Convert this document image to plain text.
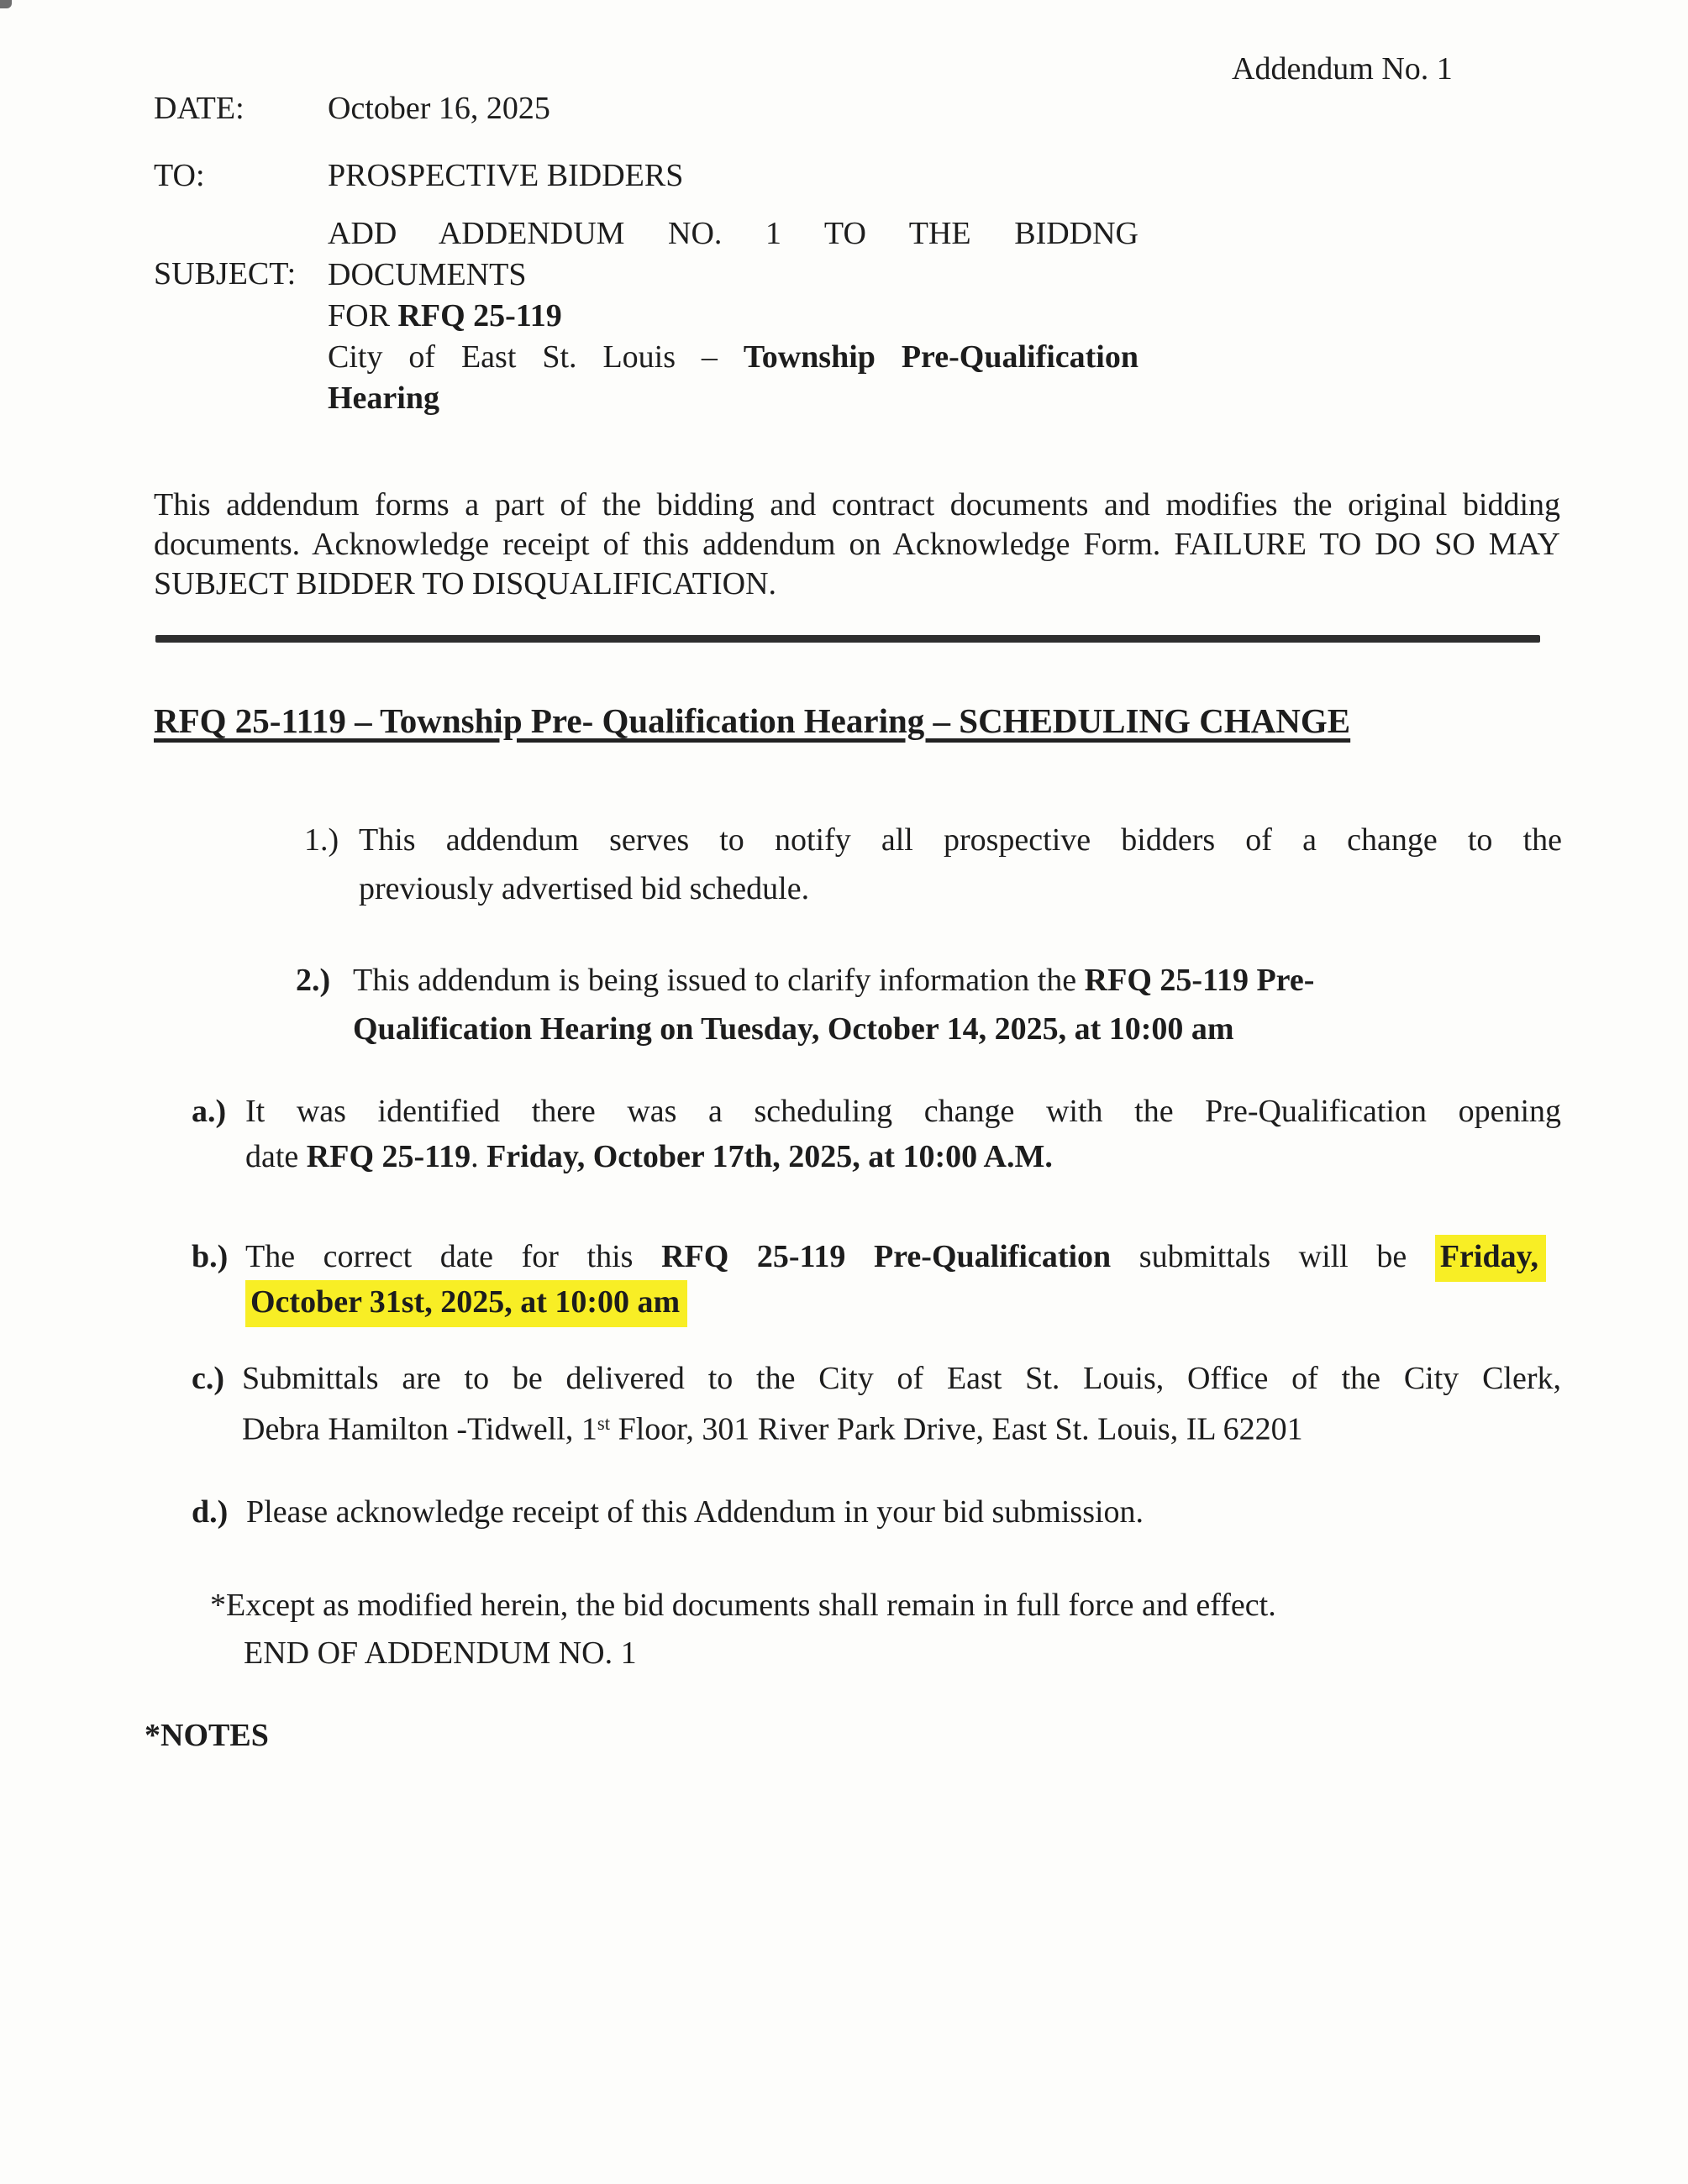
Addendum No. 1
DATE:	October 16, 2025
TO:	PROSPECTIVE BIDDERS
SUBJECT:
ADD ADDENDUM NO. 1 TO THE BIDDNG
DOCUMENTS
FOR RFQ 25-119
City of East St. Louis – Township Pre-Qualification
Hearing
This addendum forms a part of the bidding and contract documents and modifies the original bidding
documents. Acknowledge receipt of this addendum on Acknowledge Form. FAILURE TO DO SO MAY
SUBJECT BIDDER TO DISQUALIFICATION.
RFQ 25-1119 – Township Pre- Qualification Hearing – SCHEDULING CHANGE
1.) This addendum serves to notify all prospective bidders of a change to the
previously advertised bid schedule.
2.) This addendum is being issued to clarify information the RFQ 25-119 Pre-
Qualification Hearing on Tuesday, October 14, 2025, at 10:00 am
a.) It was identified there was a scheduling change with the Pre-Qualification opening
date RFQ 25-119. Friday, October 17th, 2025, at 10:00 A.M.
b.) The correct date for this RFQ 25-119 Pre-Qualification submittals will be Friday,
October 31st, 2025, at 10:00 am
c.) Submittals are to be delivered to the City of East St. Louis, Office of the City Clerk,
Debra Hamilton -Tidwell, 1st Floor, 301 River Park Drive, East St. Louis, IL 62201
d.) Please acknowledge receipt of this Addendum in your bid submission.
*Except as modified herein, the bid documents shall remain in full force and effect.
END OF ADDENDUM NO. 1
*NOTES
